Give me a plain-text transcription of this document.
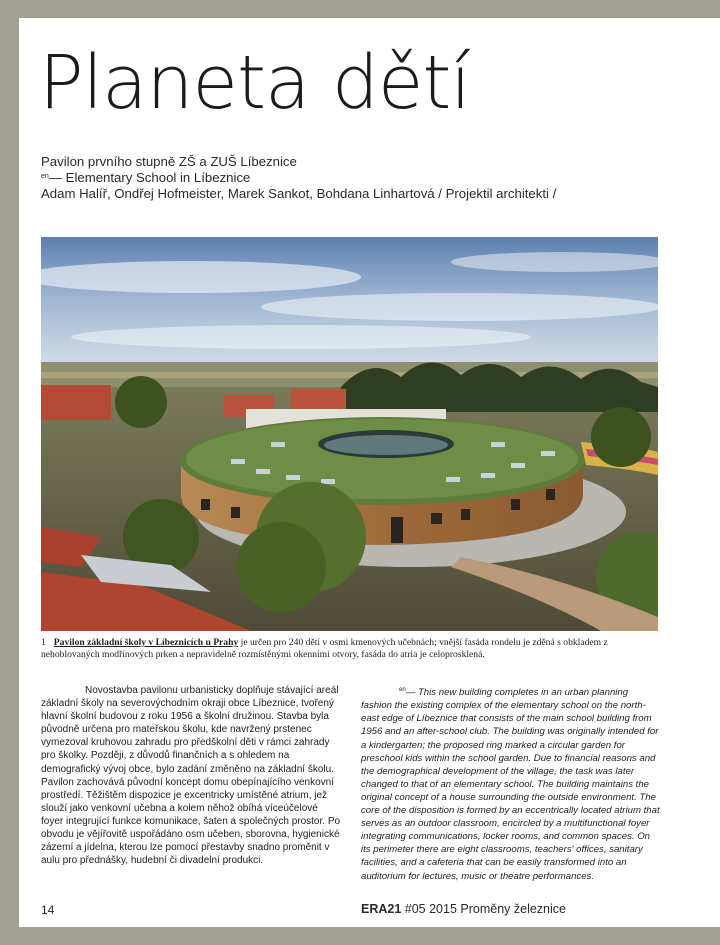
Planeta dětí
Pavilon prvního stupně ZŠ a ZUŠ Líbeznice
$^{en}$— Elementary School in Líbeznice
Adam Halíř, Ondřej Hofmeister, Marek Sankot, Bohdana Linhartová / Projektil architekti /
1 Pavilon základní školy v Líbeznicích u Prahy je určen pro 240 dětí v osmi kmenových učebnách; vnější fasáda rondelu je zděná s obkladem z nehoblovaných modřínových prken a nepravidelně rozmístěnými okenními otvory, fasáda do atria je celoprosklená.

Novostavba pavilonu urbanisticky doplňuje stávající areál základní školy na severovýchodním okraji obce Líbeznice, tvořený hlavní školní budovou z roku 1956 a školní družinou. Stavba byla původně určena pro mateřskou školu, kde navržený prstenec vymezoval kruhovou zahradu pro předškolní děti v rámci zahrady pro školky. Později, z důvodů finančních a s ohledem na demografický vývoj obce, bylo zadání změněno na základní školu. Pavilon zachovává původní koncept domu obepínajícího venkovní prostředí. Těžištěm dispozice je excentricky umístěné atrium, jež slouží jako venkovní učebna a kolem něhož obíhá víceúčelové foyer integrující funkce komunikace, šaten a společných prostor. Po obvodu je vějířovitě uspořádáno osm učeben, sborovna, hygienické zázemí a jídelna, kterou lze pomocí přestavby snadno proměnit v aulu pro přednášky, hudební či divadelní produkci.

$^{en}$— This new building completes in an urban planning fashion the existing complex of the elementary school on the north-east edge of Líbeznice that consists of the main school building from 1956 and an after-school club. The building was originally intended for a kindergarten; the proposed ring marked a circular garden for preschool kids within the school garden. Due to financial reasons and the demographical development of the village, the task was later changed to that of an elementary school. The building maintains the original concept of a house surrounding the outside environment. The core of the disposition is formed by an eccentrically located atrium that serves as an outdoor classroom, encircled by a multifunctional foyer integrating communications, locker rooms, and common spaces. On its perimeter there are eight classrooms, teachers' offices, sanitary facilities, and a cafeteria that can be easily transformed into an auditorium for lectures, music or theatre performances.

14	ERA21 #05 2015 Proměny železnice
